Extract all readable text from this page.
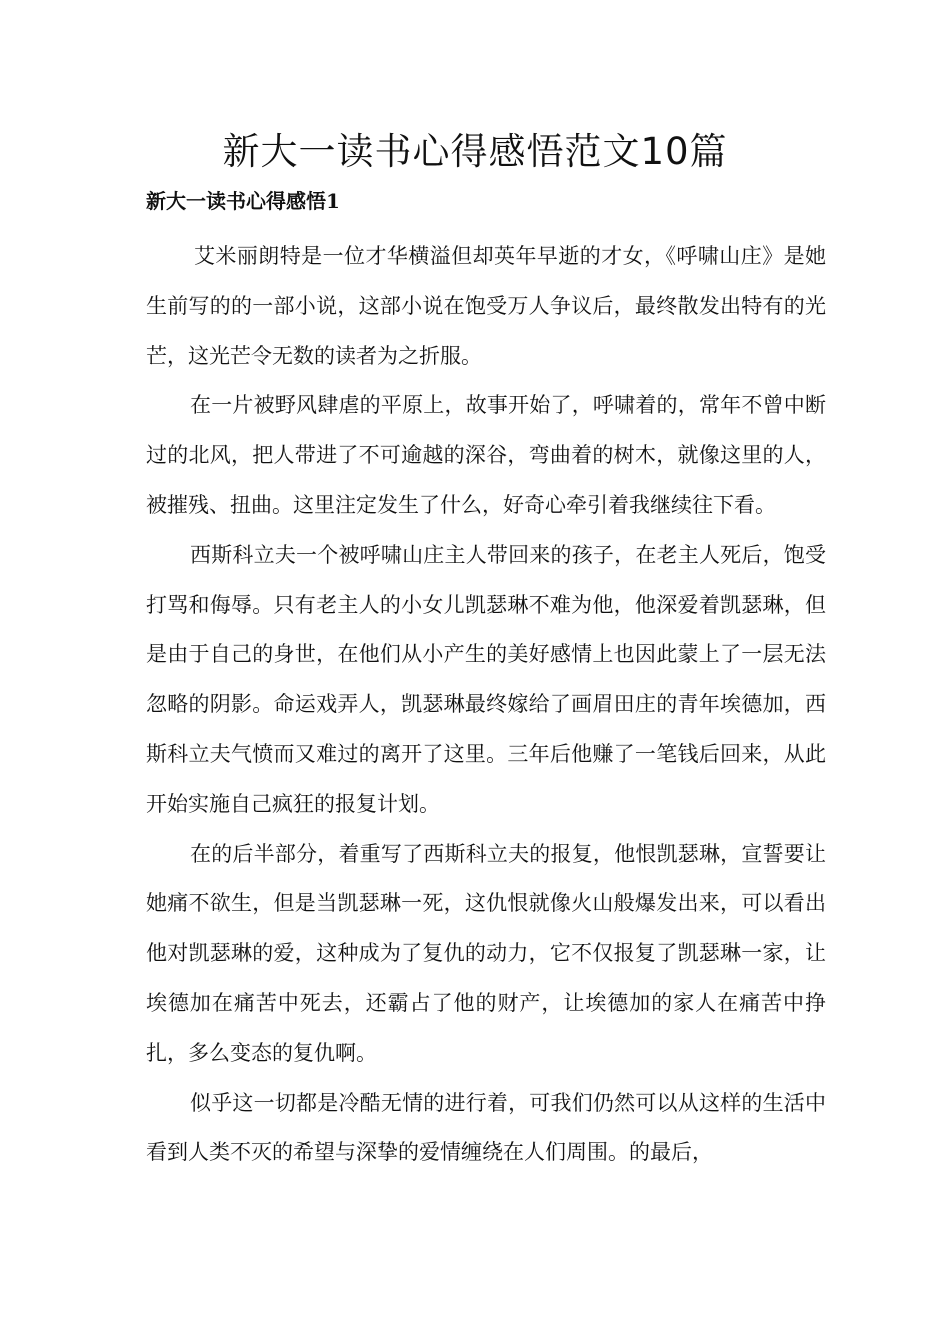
新大一读书心得感悟范文10篇
新大一读书心得感悟1

艾米丽朗特是一位才华横溢但却英年早逝的才女，《呼啸山庄》是她生前写的的一部小说，这部小说在饱受万人争议后，最终散发出特有的光芒，这光芒令无数的读者为之折服。

在一片被野风肆虐的平原上，故事开始了，呼啸着的，常年不曾中断过的北风，把人带进了不可逾越的深谷，弯曲着的树木，就像这里的人，被摧残、扭曲。这里注定发生了什么，好奇心牵引着我继续往下看。

西斯科立夫一个被呼啸山庄主人带回来的孩子，在老主人死后，饱受打骂和侮辱。只有老主人的小女儿凯瑟琳不难为他，他深爱着凯瑟琳，但是由于自己的身世，在他们从小产生的美好感情上也因此蒙上了一层无法忽略的阴影。命运戏弄人，凯瑟琳最终嫁给了画眉田庄的青年埃德加，西斯科立夫气愤而又难过的离开了这里。三年后他赚了一笔钱后回来，从此开始实施自己疯狂的报复计划。

在的后半部分，着重写了西斯科立夫的报复，他恨凯瑟琳，宣誓要让她痛不欲生，但是当凯瑟琳一死，这仇恨就像火山般爆发出来，可以看出他对凯瑟琳的爱，这种成为了复仇的动力，它不仅报复了凯瑟琳一家，让埃德加在痛苦中死去，还霸占了他的财产，让埃德加的家人在痛苦中挣扎，多么变态的复仇啊。

似乎这一切都是冷酷无情的进行着，可我们仍然可以从这样的生活中看到人类不灭的希望与深挚的爱情缠绕在人们周围。的最后，
